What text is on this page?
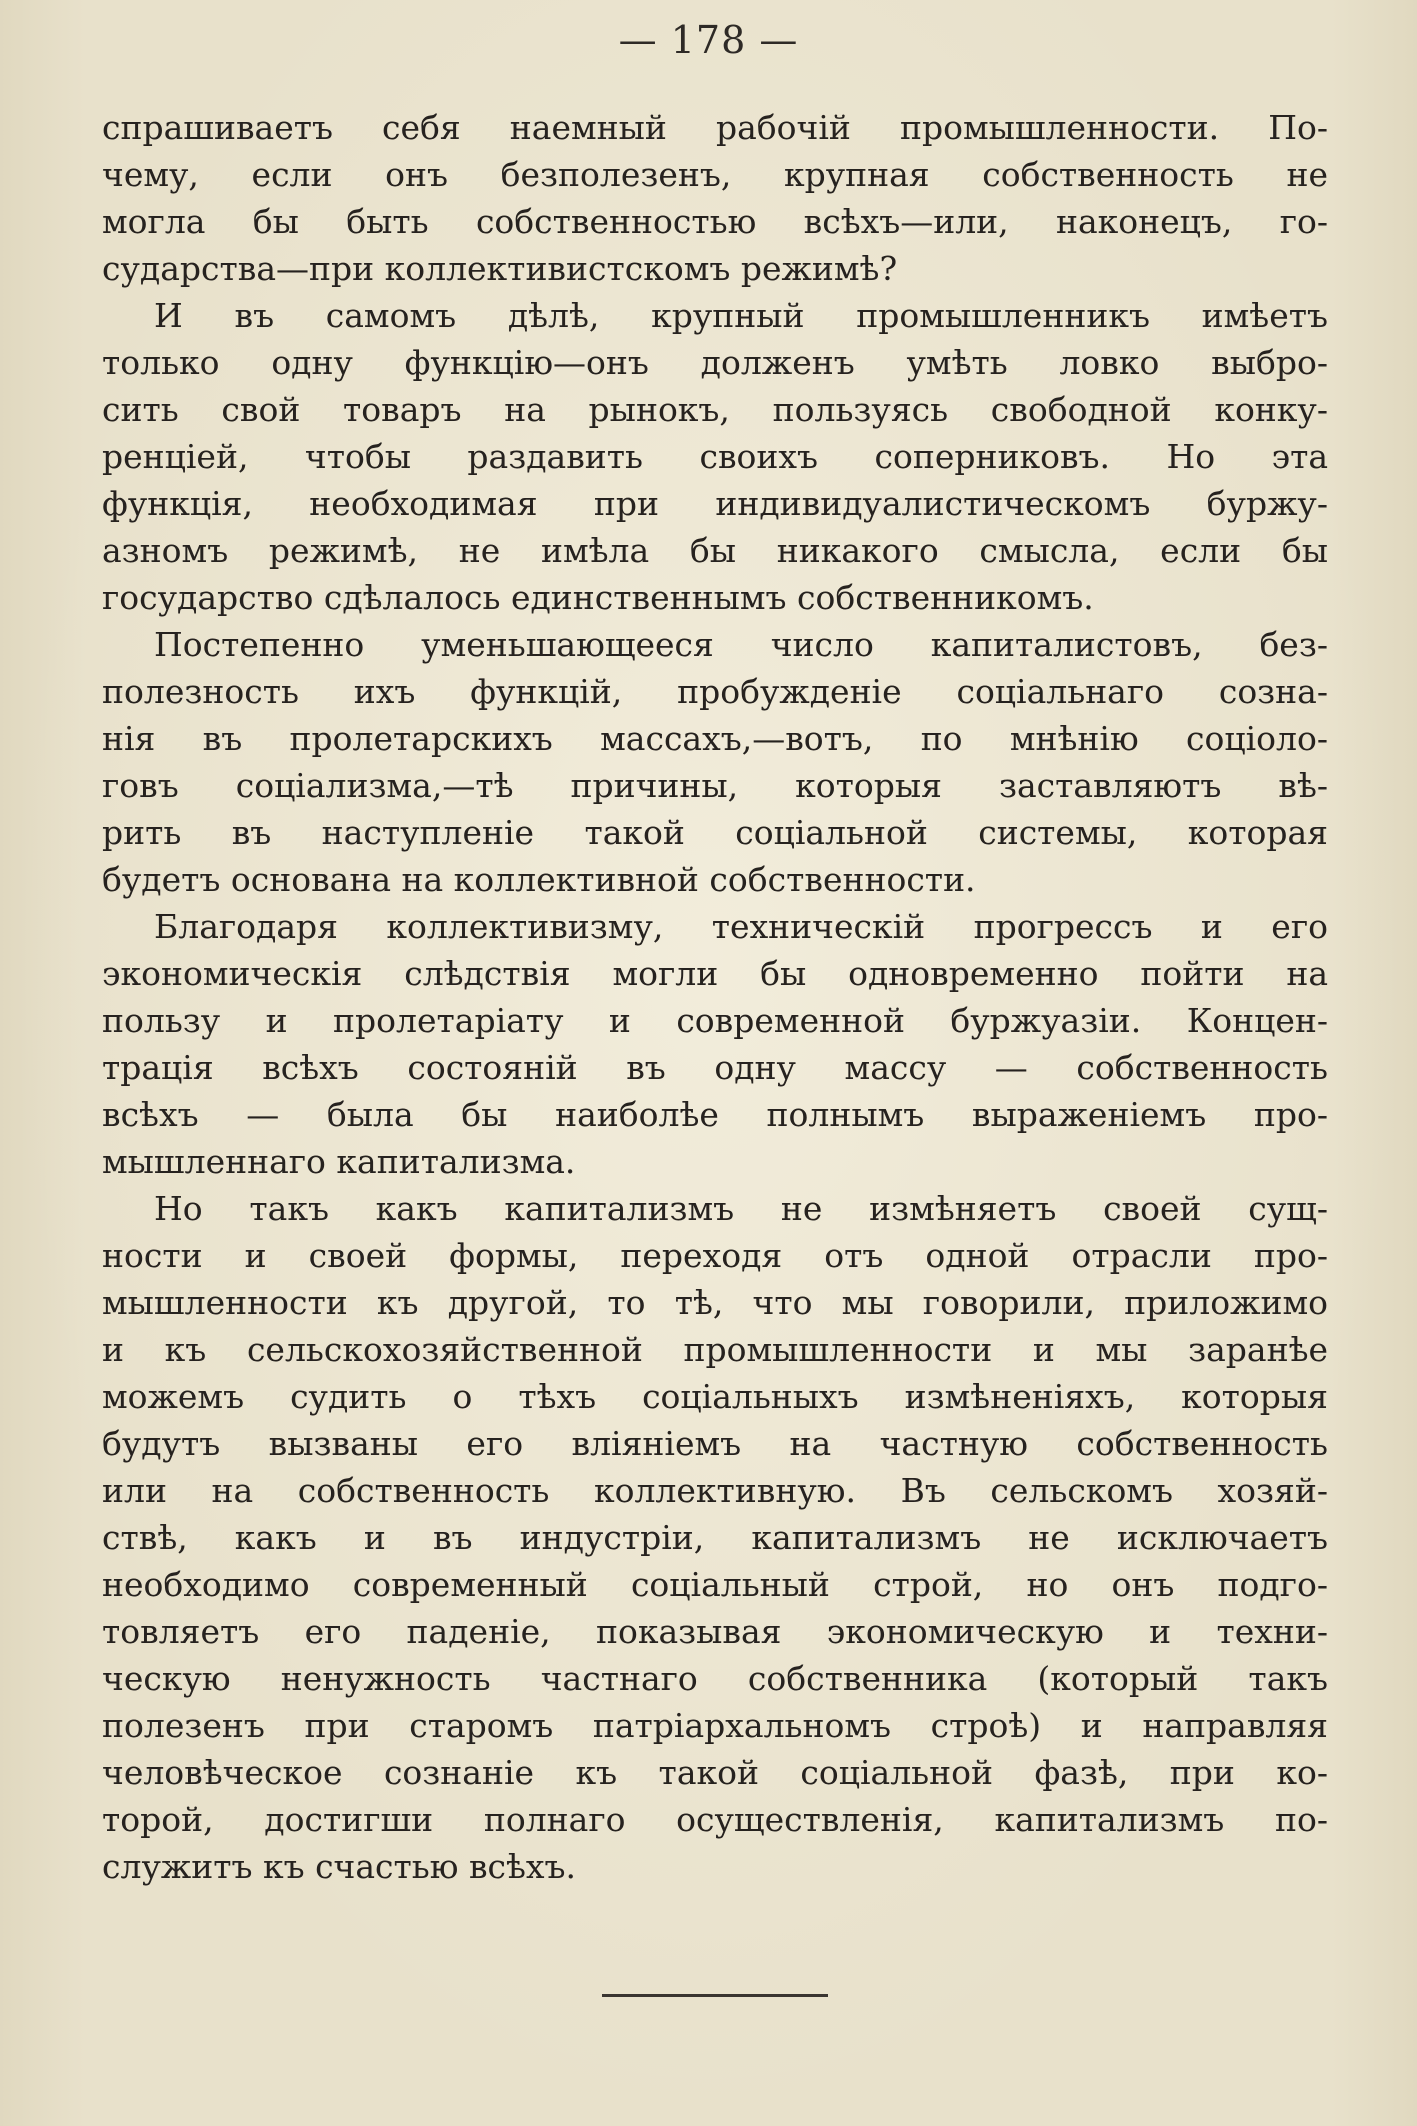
— 178 —
спрашиваетъ себя наемный рабочій промышленности. По-
чему, если онъ безполезенъ, крупная собственность не
могла бы быть собственностью всѣхъ—или, наконецъ, го-
сударства—при коллективистскомъ режимѣ?
И въ самомъ дѣлѣ, крупный промышленникъ имѣетъ
только одну функцію—онъ долженъ умѣть ловко выбро-
сить свой товаръ на рынокъ, пользуясь свободной конку-
ренціей, чтобы раздавить своихъ соперниковъ. Но эта
функція, необходимая при индивидуалистическомъ буржу-
азномъ режимѣ, не имѣла бы никакого смысла, если бы
государство сдѣлалось единственнымъ собственникомъ.
Постепенно уменьшающееся число капиталистовъ, без-
полезность ихъ функцій, пробужденіе соціальнаго созна-
нія въ пролетарскихъ массахъ,—вотъ, по мнѣнію соціоло-
говъ соціализма,—тѣ причины, которыя заставляютъ вѣ-
рить въ наступленіе такой соціальной системы, которая
будетъ основана на коллективной собственности.
Благодаря коллективизму, техническій прогрессъ и его
экономическія слѣдствія могли бы одновременно пойти на
пользу и пролетаріату и современной буржуазіи. Концен-
трація всѣхъ состояній въ одну массу — собственность
всѣхъ — была бы наиболѣе полнымъ выраженіемъ про-
мышленнаго капитализма.
Но такъ какъ капитализмъ не измѣняетъ своей сущ-
ности и своей формы, переходя отъ одной отрасли про-
мышленности къ другой, то тѣ, что мы говорили, приложимо
и къ сельскохозяйственной промышленности и мы заранѣе
можемъ судить о тѣхъ соціальныхъ измѣненіяхъ, которыя
будутъ вызваны его вліяніемъ на частную собственность
или на собственность коллективную. Въ сельскомъ хозяй-
ствѣ, какъ и въ индустріи, капитализмъ не исключаетъ
необходимо современный соціальный строй, но онъ подго-
товляетъ его паденіе, показывая экономическую и техни-
ческую ненужность частнаго собственника (который такъ
полезенъ при старомъ патріархальномъ строѣ) и направляя
человѣческое сознаніе къ такой соціальной фазѣ, при ко-
торой, достигши полнаго осуществленія, капитализмъ по-
служитъ къ счастью всѣхъ.
